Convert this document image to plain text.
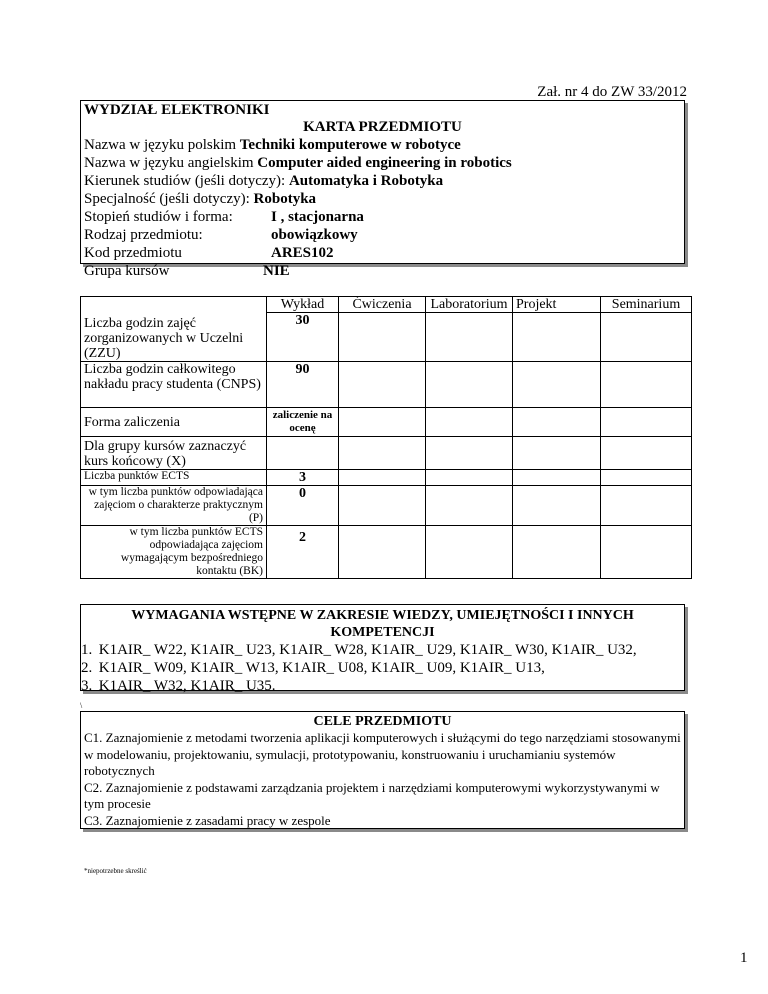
Zał. nr 4 do ZW 33/2012
WYDZIAŁ ELEKTRONIKI
KARTA PRZEDMIOTU
Nazwa w języku polskim Techniki komputerowe w robotyce
Nazwa w języku angielskim Computer aided engineering in robotics
Kierunek studiów (jeśli dotyczy): Automatyka i Robotyka
Specjalność (jeśli dotyczy): Robotyka
Stopień studiów i forma:	I , stacjonarna
Rodzaj przedmiotu:	obowiązkowy
Kod przedmiotu	ARES102
Grupa kursów	NIE
Liczba godzin zajęć zorganizowanych w Uczelni (ZZU)	Wykład	Ćwiczenia	Laboratorium	Projekt	Seminarium
	30				
Liczba godzin całkowitego nakładu pracy studenta (CNPS)	90				
Forma zaliczenia	zaliczenie na ocenę				
Dla grupy kursów zaznaczyć kurs końcowy (X)					
Liczba punktów ECTS	3				
w tym liczba punktów odpowiadająca zajęciom o charakterze praktycznym (P)	0				
w tym liczba punktów ECTS odpowiadająca zajęciom wymagającym bezpośredniego kontaktu (BK)	2				
WYMAGANIA WSTĘPNE W ZAKRESIE WIEDZY, UMIEJĘTNOŚCI I INNYCH KOMPETENCJI
1. K1AIR_ W22, K1AIR_ U23, K1AIR_ W28, K1AIR_ U29, K1AIR_ W30, K1AIR_ U32,
2. K1AIR_ W09, K1AIR_ W13, K1AIR_ U08, K1AIR_ U09, K1AIR_ U13,
3. K1AIR_ W32, K1AIR_ U35.
\
CELE PRZEDMIOTU
C1. Zaznajomienie z metodami tworzenia aplikacji komputerowych i służącymi do tego narzędziami stosowanymi w modelowaniu, projektowaniu, symulacji, prototypowaniu, konstruowaniu i uruchamianiu systemów robotycznych
C2. Zaznajomienie z podstawami zarządzania projektem i narzędziami komputerowymi wykorzystywanymi w tym procesie
C3. Zaznajomienie z zasadami pracy w zespole
*niepotrzebne skreślić
1
